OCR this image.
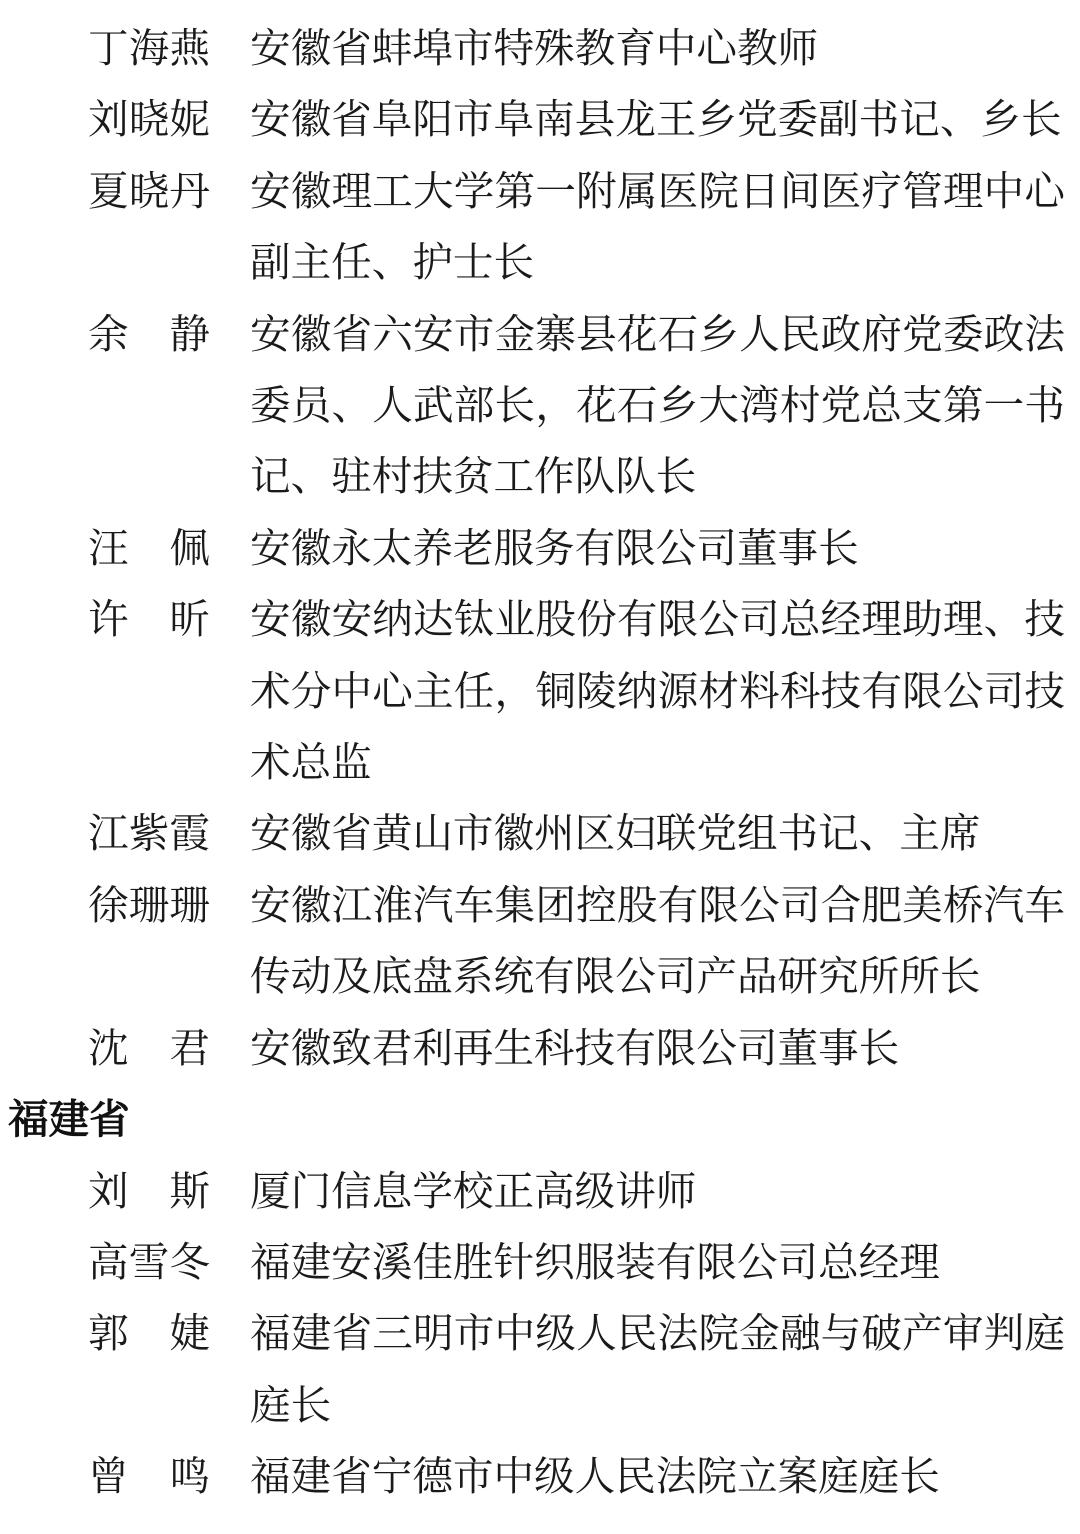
丁海燕 安徽省蚌埠市特殊教育中心教师
刘晓妮 安徽省阜阳市阜南县龙王乡党委副书记、乡长
夏晓丹 安徽理工大学第一附属医院日间医疗管理中心副主任、护士长
余静 安徽省六安市金寨县花石乡人民政府党委政法委员、人武部长，花石乡大湾村党总支第一书记、驻村扶贫工作队队长
汪佩 安徽永太养老服务有限公司董事长
许昕 安徽安纳达钛业股份有限公司总经理助理、技术分中心主任，铜陵纳源材料科技有限公司技术总监
江紫霞 安徽省黄山市徽州区妇联党组书记、主席
徐珊珊 安徽江淮汽车集团控股有限公司合肥美桥汽车传动及底盘系统有限公司产品研究所所长
沈君 安徽致君利再生科技有限公司董事长
福建省
刘斯 厦门信息学校正高级讲师
高雪冬 福建安溪佳胜针织服装有限公司总经理
郭婕 福建省三明市中级人民法院金融与破产审判庭庭长
曾鸣 福建省宁德市中级人民法院立案庭庭长
